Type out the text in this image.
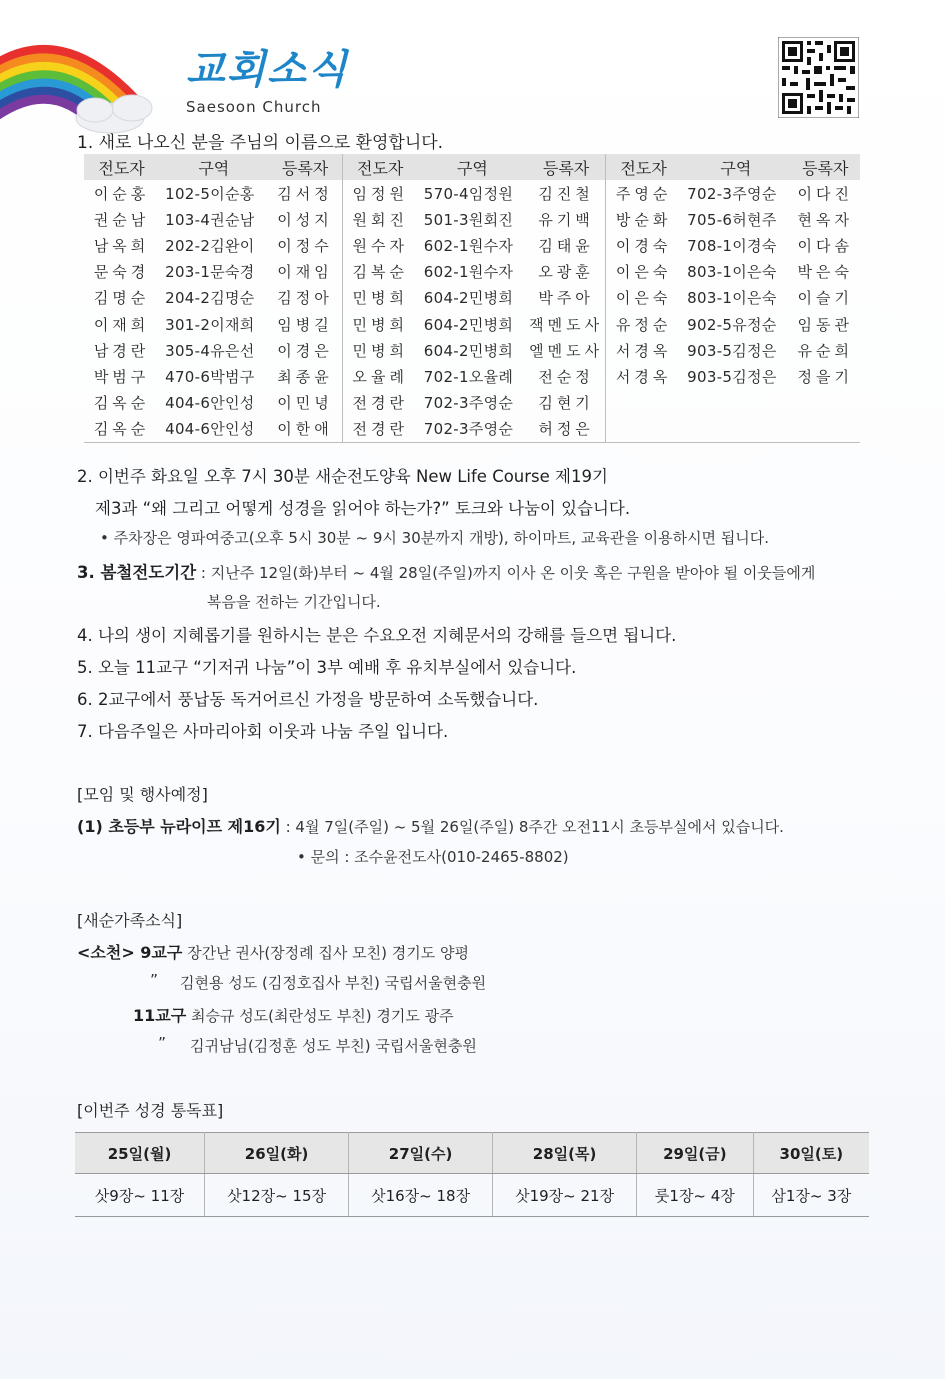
교회소식
Saesoon Church
1. 새로 나오신 분을 주님의 이름으로 환영합니다.
전도자	구역	등록자	전도자	구역	등록자	전도자	구역	등록자
이순홍	102-5이순홍	김서정	임정원	570-4임정원	김진철	주영순	702-3주영순	이다진
권순남	103-4권순남	이성지	원회진	501-3원회진	유기백	방순화	705-6허현주	현옥자
남옥희	202-2김완이	이정수	원수자	602-1원수자	김태윤	이경숙	708-1이경숙	이다솜
문숙경	203-1문숙경	이재임	김복순	602-1원수자	오광훈	이은숙	803-1이은숙	박은숙
김명순	204-2김명순	김정아	민병희	604-2민병희	박주아	이은숙	803-1이은숙	이슬기
이재희	301-2이재희	임병길	민병희	604-2민병희	잭멘도사	유정순	902-5유정순	임동관
남경란	305-4유은선	이경은	민병희	604-2민병희	엘멘도사	서경옥	903-5김정은	유순희
박범구	470-6박범구	최종윤	오율례	702-1오율례	전순정	서경옥	903-5김정은	정을기
김옥순	404-6안인성	이민녕	전경란	702-3주영순	김현기			
김옥순	404-6안인성	이한애	전경란	702-3주영순	허정은			
2. 이번주 화요일 오후 7시 30분 새순전도양육 New Life Course 제19기
제3과 “왜 그리고 어떻게 성경을 읽어야 하는가?” 토크와 나눔이 있습니다.
• 주차장은 영파여중고(오후 5시 30분 ~ 9시 30분까지 개방), 하이마트, 교육관을 이용하시면 됩니다.
3. 봄철전도기간 : 지난주 12일(화)부터 ~ 4월 28일(주일)까지 이사 온 이웃 혹은 구원을 받아야 될 이웃들에게
복음을 전하는 기간입니다.
4. 나의 생이 지혜롭기를 원하시는 분은 수요오전 지혜문서의 강해를 들으면 됩니다.
5. 오늘 11교구 “기저귀 나눔”이 3부 예배 후 유치부실에서 있습니다.
6. 2교구에서 풍납동 독거어르신 가정을 방문하여 소독했습니다.
7. 다음주일은 사마리아회 이웃과 나눔 주일 입니다.
[모임 및 행사예정]
(1) 초등부 뉴라이프 제16기 : 4월 7일(주일) ~ 5월 26일(주일) 8주간 오전11시 초등부실에서 있습니다.
• 문의 : 조수윤전도사(010-2465-8802)
[새순가족소식]
<소천> 9교구 장간난 권사(장정례 집사 모친) 경기도 양평
” 김현용 성도 (김정호집사 부친) 국립서울현충원
11교구 최승규 성도(최란성도 부친) 경기도 광주
” 김귀남님(김정훈 성도 부친) 국립서울현충원
[이번주 성경 통독표]
25일(월)	26일(화)	27일(수)	28일(목)	29일(금)	30일(토)
삿9장~ 11장	삿12장~ 15장	삿16장~ 18장	삿19장~ 21장	룻1장~ 4장	삼1장~ 3장
